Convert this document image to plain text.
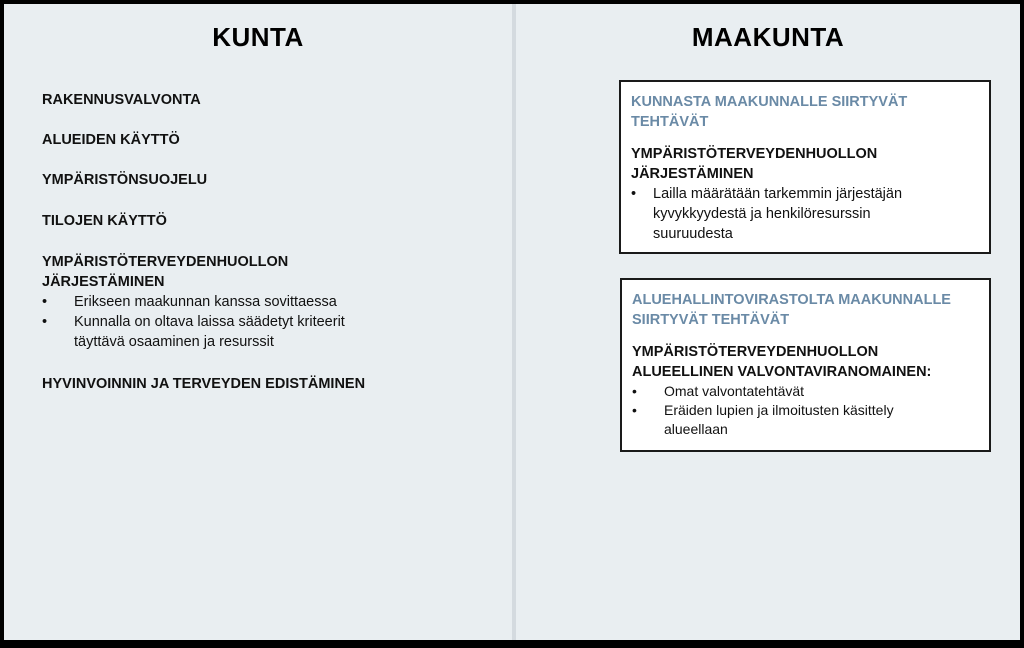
KUNTA
RAKENNUSVALVONTA
ALUEIDEN KÄYTTÖ
YMPÄRISTÖNSUOJELU
TILOJEN KÄYTTÖ
YMPÄRISTÖTERVEYDENHUOLLON
JÄRJESTÄMINEN
• Erikseen maakunnan kanssa sovittaessa
• Kunnalla on oltava laissa säädetyt kriteerit
täyttävä osaaminen ja resurssit
HYVINVOINNIN JA TERVEYDEN EDISTÄMINEN
MAAKUNTA
KUNNASTA MAAKUNNALLE SIIRTYVÄT TEHTÄVÄT
YMPÄRISTÖTERVEYDENHUOLLON
JÄRJESTÄMINEN
• Lailla määrätään tarkemmin järjestäjän
kyvykkyydestä ja henkilöresurssin
suuruudesta
ALUEHALLINTOVIRASTOLTA MAAKUNNALLE
SIIRTYVÄT TEHTÄVÄT
YMPÄRISTÖTERVEYDENHUOLLON
ALUEELLINEN VALVONTAVIRANOMAINEN:
• Omat valvontatehtävät
• Eräiden lupien ja ilmoitusten käsittely
alueellaan
